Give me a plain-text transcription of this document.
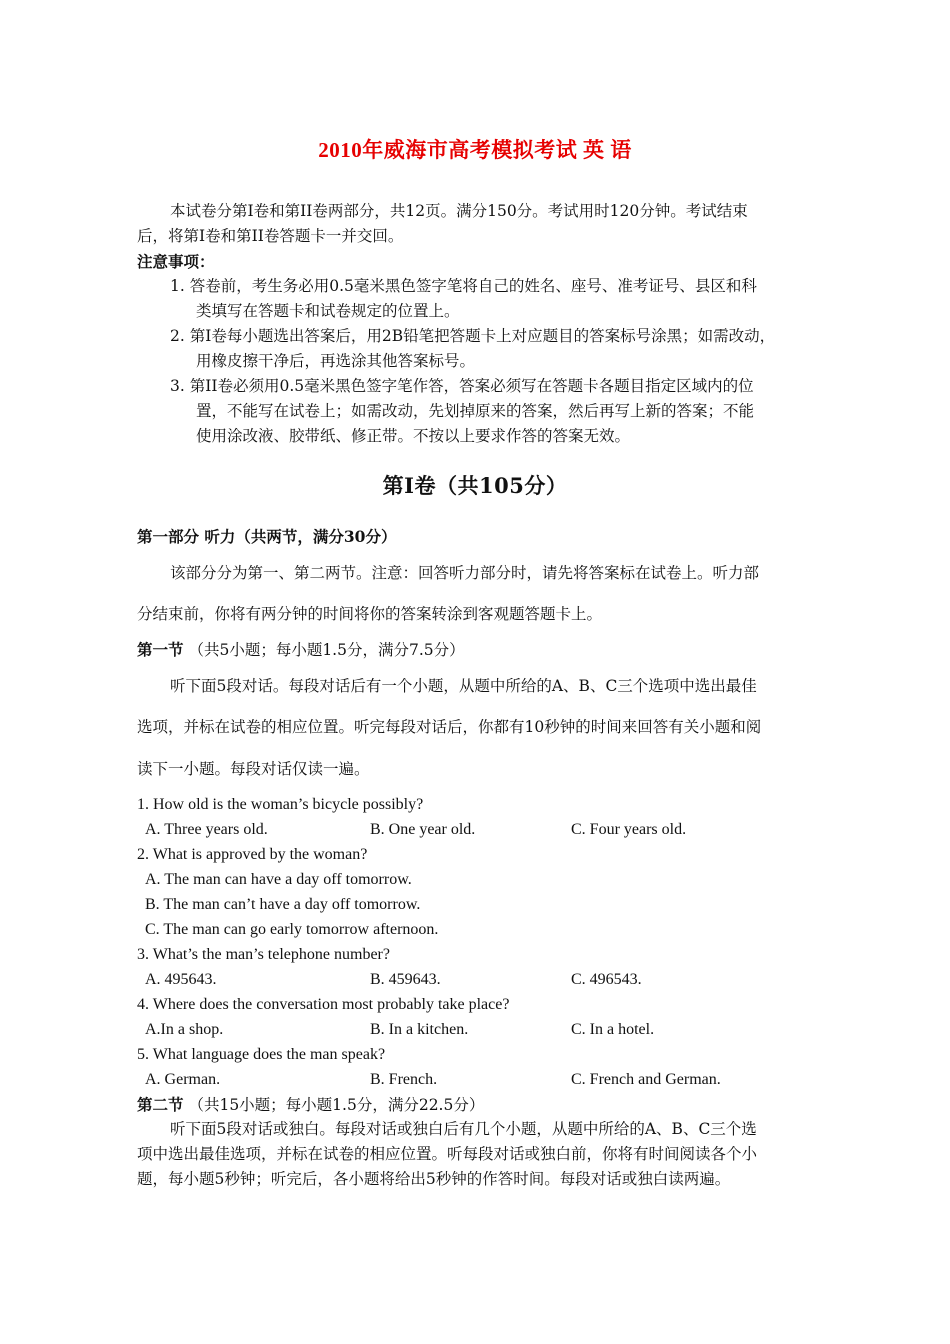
2010年威海市高考模拟考试 英 语

本试卷分第I卷和第II卷两部分，共12页。满分150分。考试用时120分钟。考试结束

后，将第I卷和第II卷答题卡一并交回。

注意事项：

1. 答卷前，考生务必用0.5毫米黑色签字笔将自己的姓名、座号、准考证号、县区和科

类填写在答题卡和试卷规定的位置上。

2. 第I卷每小题选出答案后，用2B铅笔把答题卡上对应题目的答案标号涂黑；如需改动，

用橡皮擦干净后，再选涂其他答案标号。

3. 第II卷必须用0.5毫米黑色签字笔作答，答案必须写在答题卡各题目指定区域内的位

置，不能写在试卷上；如需改动，先划掉原来的答案，然后再写上新的答案；不能

使用涂改液、胶带纸、修正带。不按以上要求作答的答案无效。

第I卷（共105分）

第一部分 听力（共两节，满分30分）

该部分分为第一、第二两节。注意：回答听力部分时，请先将答案标在试卷上。听力部

分结束前，你将有两分钟的时间将你的答案转涂到客观题答题卡上。

第一节 （共5小题；每小题1.5分，满分7.5分）

听下面5段对话。每段对话后有一个小题，从题中所给的A、B、C三个选项中选出最佳

选项，并标在试卷的相应位置。听完每段对话后，你都有10秒钟的时间来回答有关小题和阅

读下一小题。每段对话仅读一遍。

1. How old is the woman’s bicycle possibly?

A. Three years old.	B. One year old.	C. Four years old.

2. What is approved by the woman?

A. The man can have a day off tomorrow.

B. The man can’t have a day off tomorrow.

C. The man can go early tomorrow afternoon.

3. What’s the man’s telephone number?

A. 495643.	B. 459643.	C. 496543.

4. Where does the conversation most probably take place?

A.In a shop.	B. In a kitchen.	C. In a hotel.

5. What language does the man speak?

A. German.	B. French.	C. French and German.

第二节 （共15小题；每小题1.5分，满分22.5分）

听下面5段对话或独白。每段对话或独白后有几个小题，从题中所给的A、B、C三个选

项中选出最佳选项，并标在试卷的相应位置。听每段对话或独白前，你将有时间阅读各个小

题，每小题5秒钟；听完后，各小题将给出5秒钟的作答时间。每段对话或独白读两遍。
